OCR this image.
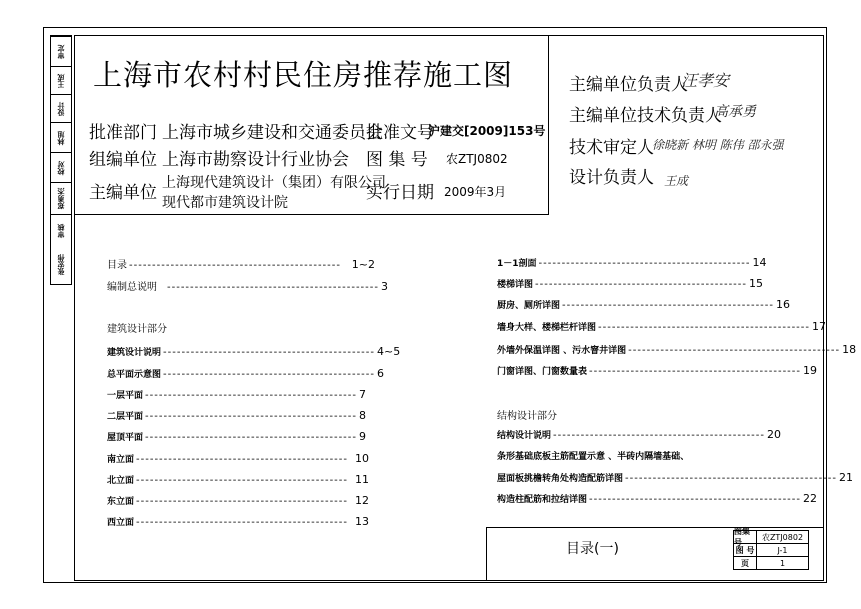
审定
王成
设计
林旭
校对
郑勇杰
审核
张宏伟
上海市农村村民住房推荐施工图
批准部门 上海市城乡建设和交通委员会
组编单位 上海市勘察设计行业协会
主编单位 上海现代建筑设计（集团）有限公司
现代都市建筑设计院
批准文号
沪建交[2009]153号
图 集 号 农ZTJ0802
实行日期 2009年3月
主编单位负责人
汪孝安
主编单位技术负责人
高承勇
技术审定人
徐晓新 林明 陈伟 邵永强
设计负责人 王成
目录 ---------------------------------------------- 1~2
编制总说明 ---------------------------------------------- 3
建筑设计部分
建筑设计说明 ---------------------------------------------- 4~5
总平面示意图 ---------------------------------------------- 6
一层平面 ---------------------------------------------- 7
二层平面 ---------------------------------------------- 8
屋顶平面 ---------------------------------------------- 9
南立面 ---------------------------------------------- 10
北立面 ---------------------------------------------- 11
东立面 ---------------------------------------------- 12
西立面 ---------------------------------------------- 13
1－1剖面 ---------------------------------------------- 14
楼梯详图 ---------------------------------------------- 15
厨房、厕所详图 ---------------------------------------------- 16
墙身大样、楼梯栏杆详图 ---------------------------------------------- 17
外墙外保温详图 、污水窨井详图 ---------------------------------------------- 18
门窗详图、门窗数量表 ---------------------------------------------- 19
结构设计部分
结构设计说明 ---------------------------------------------- 20
条形基础底板主筋配置示意 、半砖内隔墙基础、
屋面板挑檐转角处构造配筋详图 ---------------------------------------------- 21
构造柱配筋和拉结详图 ---------------------------------------------- 22
目录(一)
图集号
农ZTJ0802
图 号	J-1
页	1
